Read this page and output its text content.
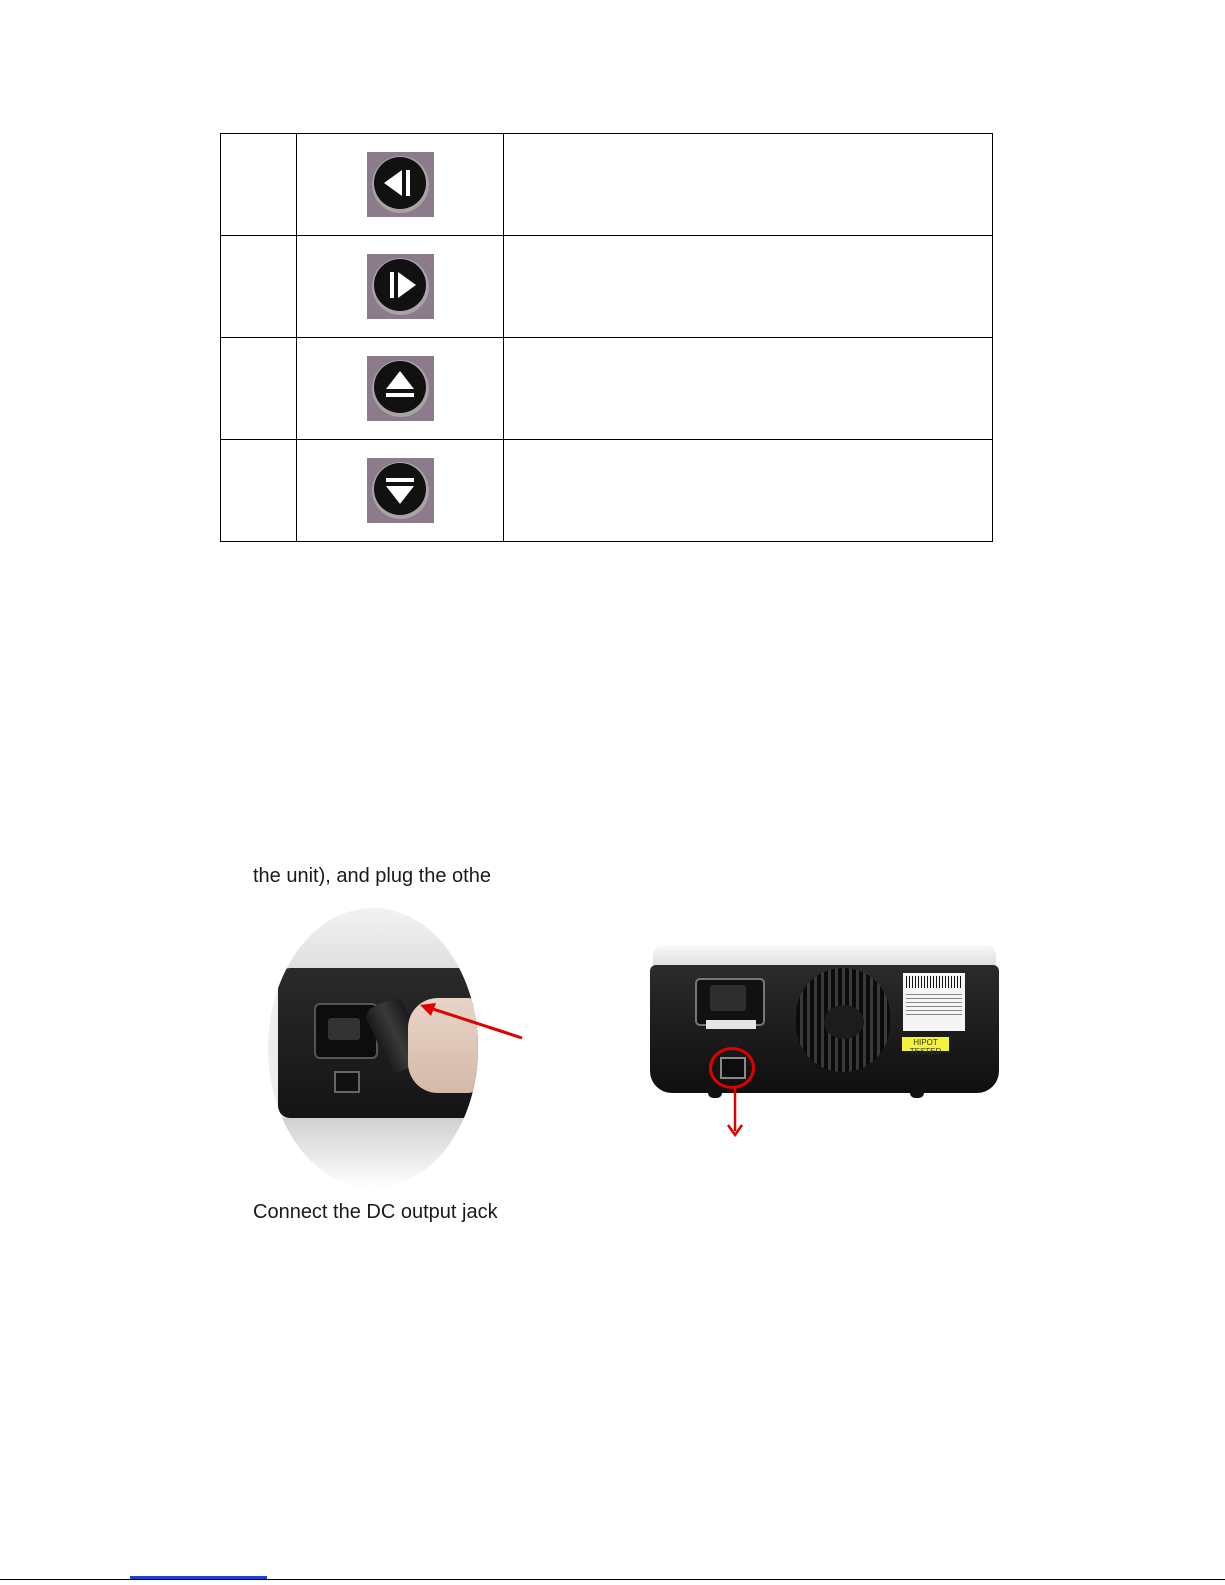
the unit), and plug the othe
HIPOT TESTED
Connect the DC output jack
